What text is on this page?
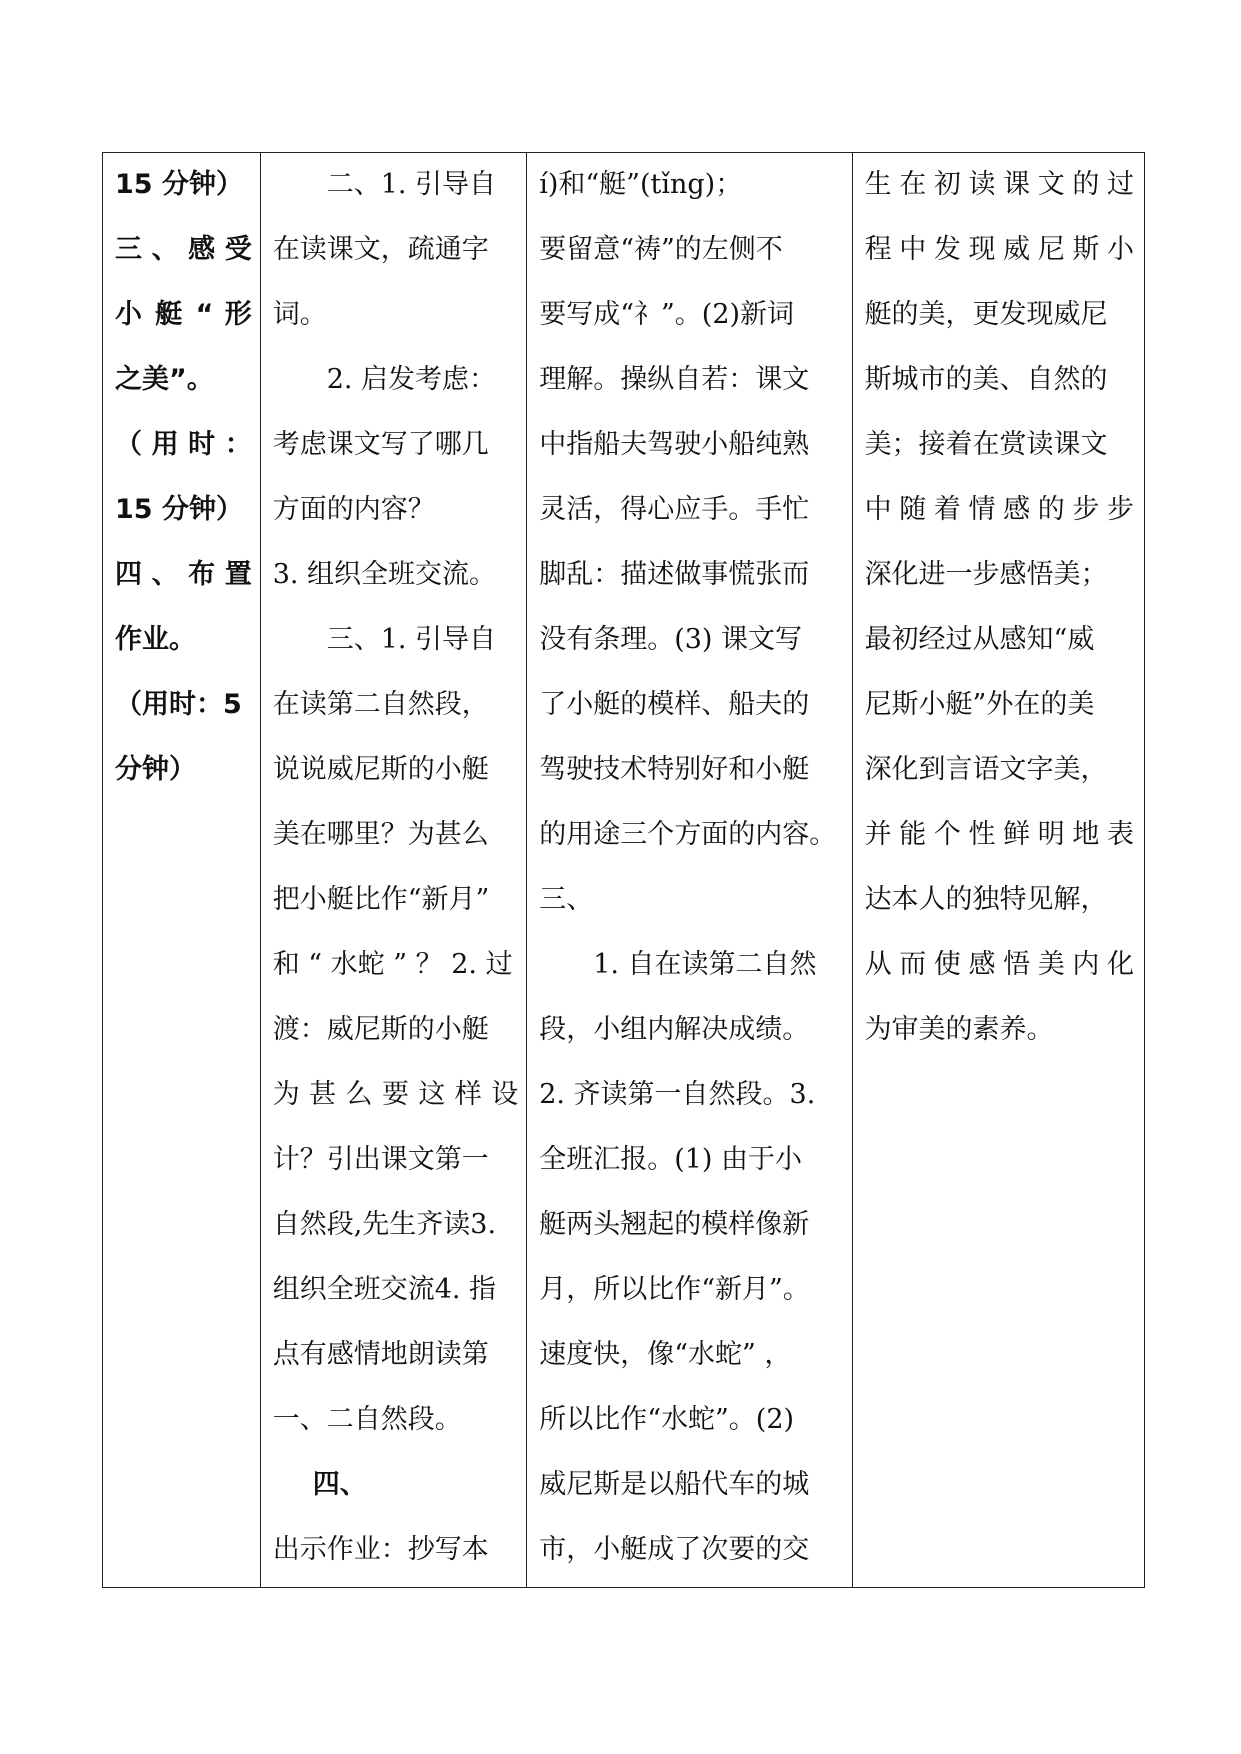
15 分钟）
三 、 感 受
小 艇 “ 形
之美”。
（ 用 时 ：
15 分钟）
四 、 布 置
作业。
（用时：5
分钟）
二、1. 引导自
在读课文，疏通字
词。
2. 启发考虑：
考虑课文写了哪几
方面的内容？
3. 组织全班交流。
三、1. 引导自
在读第二自然段，
说说威尼斯的小艇
美在哪里？为甚么
把小艇比作“新月”
和 “ 水蛇 ” ？ 2. 过
渡：威尼斯的小艇
为 甚 么 要 这 样 设
计？引出课文第一
自然段,先生齐读3.
组织全班交流4. 指
点有感情地朗读第
一、二自然段。
四、
出示作业：抄写本
í)和“艇”(tǐng)；
要留意“祷”的左侧不
要写成“礻”。(2)新词
理解。操纵自若：课文
中指船夫驾驶小船纯熟
灵活，得心应手。手忙
脚乱：描述做事慌张而
没有条理。(3) 课文写
了小艇的模样、船夫的
驾驶技术特别好和小艇
的用途三个方面的内容。
三、
1. 自在读第二自然
段，小组内解决成绩。
2. 齐读第一自然段。3.
全班汇报。(1) 由于小
艇两头翘起的模样像新
月，所以比作“新月”。
速度快，像“水蛇” ，
所以比作“水蛇”。(2)
威尼斯是以船代车的城
市，小艇成了次要的交
生在初读课文的过
程中发现威尼斯小
艇的美，更发现威尼
斯城市的美、自然的
美；接着在赏读课文
中随着情感的步步
深化进一步感悟美；
最初经过从感知“威
尼斯小艇”外在的美
深化到言语文字美，
并能个性鲜明地表
达本人的独特见解，
从而使感悟美内化
为审美的素养。
